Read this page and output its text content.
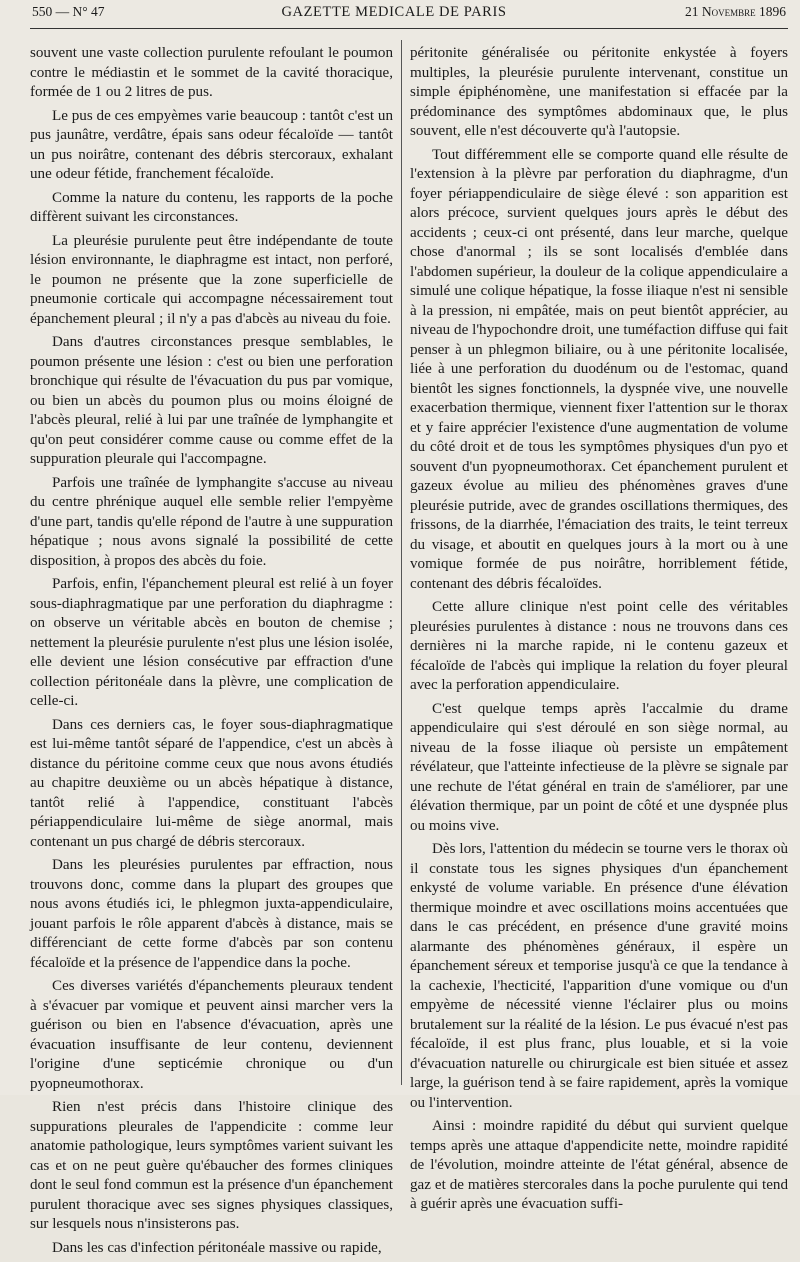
550 — N° 47	GAZETTE MEDICALE DE PARIS	21 Novembre 1896

souvent une vaste collection purulente refoulant le poumon contre le médiastin et le sommet de la cavité thoracique, formée de 1 ou 2 litres de pus.

Le pus de ces empyèmes varie beaucoup : tantôt c'est un pus jaunâtre, verdâtre, épais sans odeur fécaloïde — tantôt un pus noirâtre, contenant des débris stercoraux, exhalant une odeur fétide, franchement fécaloïde.

Comme la nature du contenu, les rapports de la poche diffèrent suivant les circonstances.

La pleurésie purulente peut être indépendante de toute lésion environnante, le diaphragme est intact, non perforé, le poumon ne présente que la zone superficielle de pneumonie corticale qui accompagne nécessairement tout épanchement pleural ; il n'y a pas d'abcès au niveau du foie.

Dans d'autres circonstances presque semblables, le poumon présente une lésion : c'est ou bien une perforation bronchique qui résulte de l'évacuation du pus par vomique, ou bien un abcès du poumon plus ou moins éloigné de l'abcès pleural, relié à lui par une traînée de lymphangite et qu'on peut considérer comme cause ou comme effet de la suppuration pleurale qui l'accompagne.

Parfois une traînée de lymphangite s'accuse au niveau du centre phrénique auquel elle semble relier l'empyème d'une part, tandis qu'elle répond de l'autre à une suppuration hépatique ; nous avons signalé la possibilité de cette disposition, à propos des abcès du foie.

Parfois, enfin, l'épanchement pleural est relié à un foyer sous-diaphragmatique par une perforation du diaphragme : on observe un véritable abcès en bouton de chemise ; nettement la pleurésie purulente n'est plus une lésion isolée, elle devient une lésion consécutive par effraction d'une collection péritonéale dans la plèvre, une complication de celle-ci.

Dans ces derniers cas, le foyer sous-diaphragmatique est lui-même tantôt séparé de l'appendice, c'est un abcès à distance du péritoine comme ceux que nous avons étudiés au chapitre deuxième ou un abcès hépatique à distance, tantôt relié à l'appendice, constituant l'abcès périappendiculaire lui-même de siège anormal, mais contenant un pus chargé de débris stercoraux.

Dans les pleurésies purulentes par effraction, nous trouvons donc, comme dans la plupart des groupes que nous avons étudiés ici, le phlegmon juxta-appendiculaire, jouant parfois le rôle apparent d'abcès à distance, mais se différenciant de cette forme d'abcès par son contenu fécaloïde et la présence de l'appendice dans la poche.

Ces diverses variétés d'épanchements pleuraux tendent à s'évacuer par vomique et peuvent ainsi marcher vers la guérison ou bien en l'absence d'évacuation, après une évacuation insuffisante de leur contenu, deviennent l'origine d'une septicémie chronique ou d'un pyopneumothorax.

Rien n'est précis dans l'histoire clinique des suppurations pleurales de l'appendicite : comme leur anatomie pathologique, leurs symptômes varient suivant les cas et on ne peut guère qu'ébaucher des formes cliniques dont le seul fond commun est la présence d'un épanchement purulent thoracique avec ses signes physiques classiques, sur lesquels nous n'insisterons pas.

Dans les cas d'infection péritonéale massive ou rapide,

péritonite généralisée ou péritonite enkystée à foyers multiples, la pleurésie purulente intervenant, constitue un simple épiphénomène, une manifestation si effacée par la prédominance des symptômes abdominaux que, le plus souvent, elle n'est découverte qu'à l'autopsie.

Tout différemment elle se comporte quand elle résulte de l'extension à la plèvre par perforation du diaphragme, d'un foyer périappendiculaire de siège élevé : son apparition est alors précoce, survient quelques jours après le début des accidents ; ceux-ci ont présenté, dans leur marche, quelque chose d'anormal ; ils se sont localisés d'emblée dans l'abdomen supérieur, la douleur de la colique appendiculaire a simulé une colique hépatique, la fosse iliaque n'est ni sensible à la pression, ni empâtée, mais on peut bientôt apprécier, au niveau de l'hypochondre droit, une tuméfaction diffuse qui fait penser à un phlegmon biliaire, ou à une péritonite localisée, liée à une perforation du duodénum ou de l'estomac, quand bientôt les signes fonctionnels, la dyspnée vive, une nouvelle exacerbation thermique, viennent fixer l'attention sur le thorax et y faire apprécier l'existence d'une augmentation de volume du côté droit et de tous les symptômes physiques d'un pyo et souvent d'un pyopneumothorax. Cet épanchement purulent et gazeux évolue au milieu des phénomènes graves d'une pleurésie putride, avec de grandes oscillations thermiques, des frissons, de la diarrhée, l'émaciation des traits, le teint terreux du visage, et aboutit en quelques jours à la mort ou à une vomique formée de pus noirâtre, horriblement fétide, contenant des débris fécaloïdes.

Cette allure clinique n'est point celle des véritables pleurésies purulentes à distance : nous ne trouvons dans ces dernières ni la marche rapide, ni le contenu gazeux et fécaloïde de l'abcès qui implique la relation du foyer pleural avec la perforation appendiculaire.

C'est quelque temps après l'accalmie du drame appendiculaire qui s'est déroulé en son siège normal, au niveau de la fosse iliaque où persiste un empâtement révélateur, que l'atteinte infectieuse de la plèvre se signale par une rechute de l'état général en train de s'améliorer, par une élévation thermique, par un point de côté et une dyspnée plus ou moins vive.

Dès lors, l'attention du médecin se tourne vers le thorax où il constate tous les signes physiques d'un épanchement enkysté de volume variable. En présence d'une élévation thermique moindre et avec oscillations moins accentuées que dans le cas précédent, en présence d'une gravité moins alarmante des phénomènes généraux, il espère un épanchement séreux et temporise jusqu'à ce que la tendance à la cachexie, l'hecticité, l'apparition d'une vomique ou d'un empyème de nécessité vienne l'éclairer plus ou moins brutalement sur la réalité de la lésion. Le pus évacué n'est pas fécaloïde, il est plus franc, plus louable, et si la voie d'évacuation naturelle ou chirurgicale est bien située et assez large, la guérison tend à se faire rapidement, après la vomique ou l'intervention.

Ainsi : moindre rapidité du début qui survient quelque temps après une attaque d'appendicite nette, moindre rapidité de l'évolution, moindre atteinte de l'état général, absence de gaz et de matières stercorales dans la poche purulente qui tend à guérir après une évacuation suffi-
